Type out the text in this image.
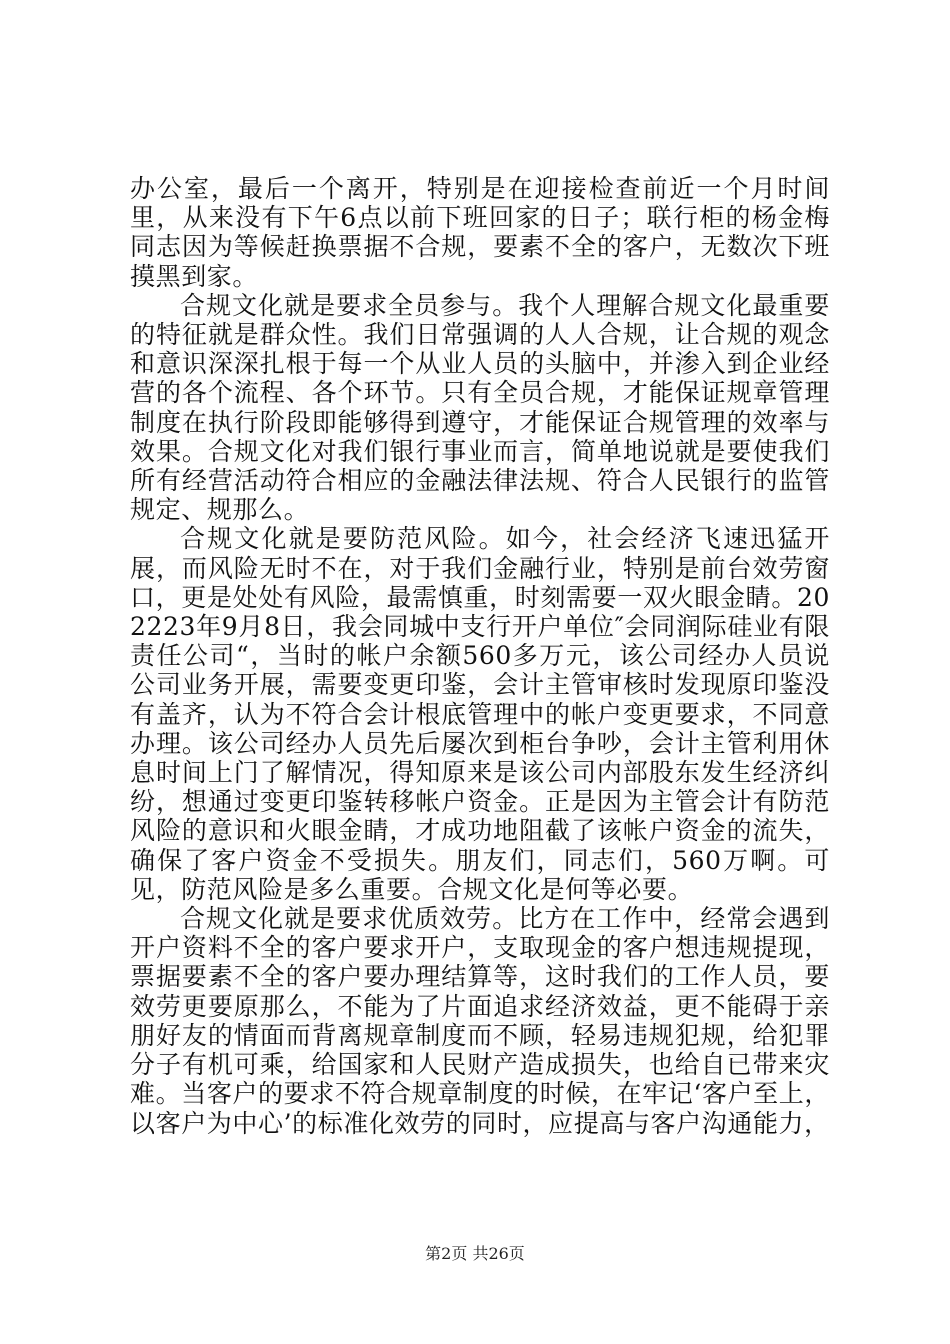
办公室，最后一个离开，特别是在迎接检查前近一个月时间里，从来没有下午6点以前下班回家的日子；联行柜的杨金梅同志因为等候赶换票据不合规，要素不全的客户，无数次下班摸黑到家。

合规文化就是要求全员参与。我个人理解合规文化最重要的特征就是群众性。我们日常强调的人人合规，让合规的观念和意识深深扎根于每一个从业人员的头脑中，并渗入到企业经营的各个流程、各个环节。只有全员合规，才能保证规章管理制度在执行阶段即能够得到遵守，才能保证合规管理的效率与效果。合规文化对我们银行事业而言，简单地说就是要使我们所有经营活动符合相应的金融法律法规、符合人民银行的监管规定、规那么。

合规文化就是要防范风险。如今，社会经济飞速迅猛开展，而风险无时不在，对于我们金融行业，特别是前台效劳窗口，更是处处有风险，最需慎重，时刻需要一双火眼金睛。202223年9月8日，我会同城中支行开户单位″会同润际硅业有限责任公司“，当时的帐户余额560多万元，该公司经办人员说公司业务开展，需要变更印鉴，会计主管审核时发现原印鉴没有盖齐，认为不符合会计根底管理中的帐户变更要求，不同意办理。该公司经办人员先后屡次到柜台争吵，会计主管利用休息时间上门了解情况，得知原来是该公司内部股东发生经济纠纷，想通过变更印鉴转移帐户资金。正是因为主管会计有防范风险的意识和火眼金睛，才成功地阻截了该帐户资金的流失，确保了客户资金不受损失。朋友们，同志们，560万啊。可见，防范风险是多么重要。合规文化是何等必要。

合规文化就是要求优质效劳。比方在工作中，经常会遇到开户资料不全的客户要求开户，支取现金的客户想违规提现，票据要素不全的客户要办理结算等，这时我们的工作人员，要效劳更要原那么，不能为了片面追求经济效益，更不能碍于亲朋好友的情面而背离规章制度而不顾，轻易违规犯规，给犯罪分子有机可乘，给国家和人民财产造成损失，也给自已带来灾难。当客户的要求不符合规章制度的时候，在牢记‘客户至上，以客户为中心’的标准化效劳的同时，应提高与客户沟通能力，

第2页 共26页
